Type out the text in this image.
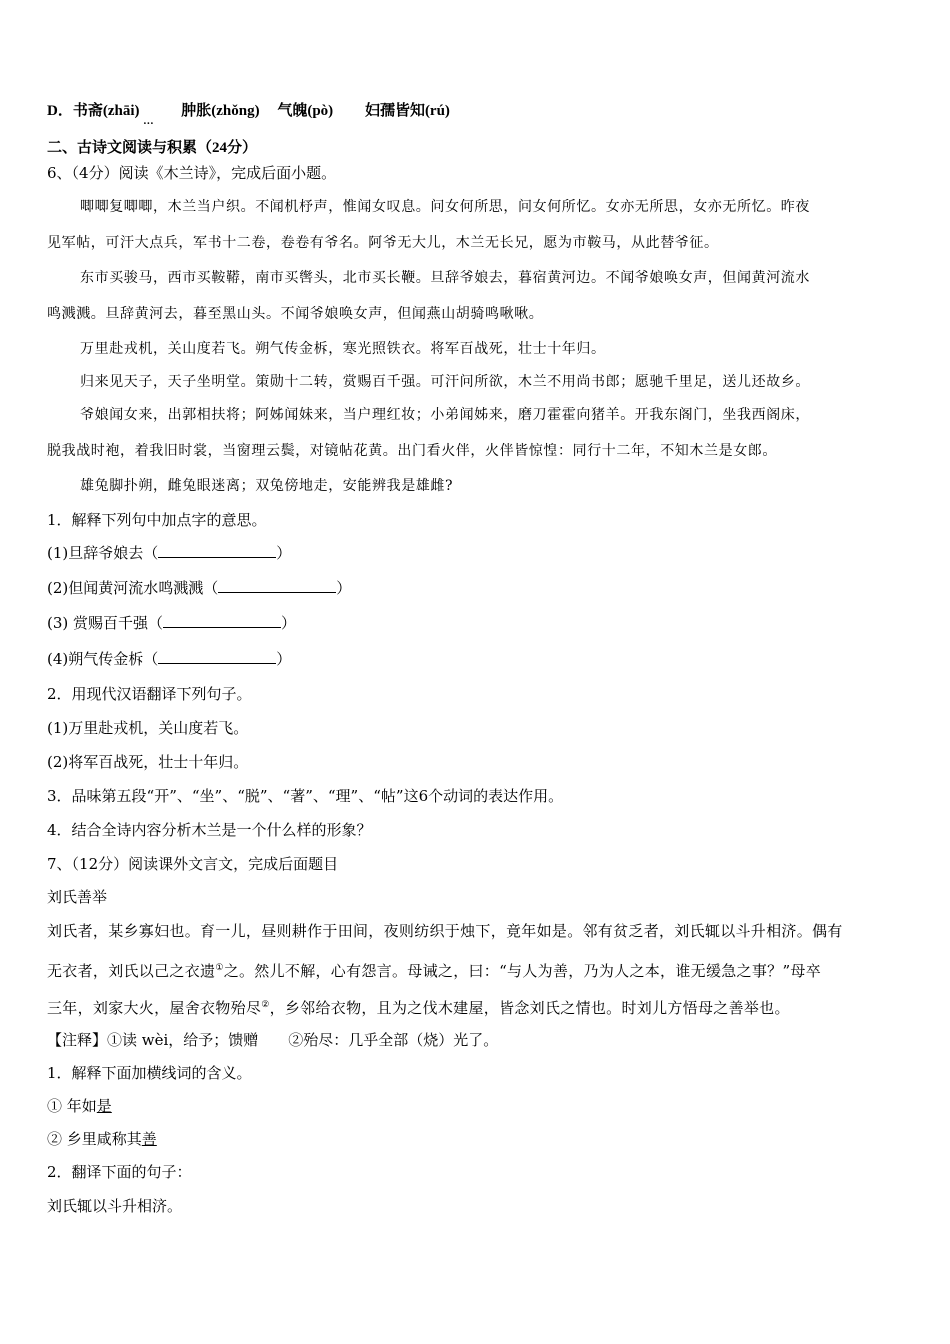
D．书斋(zhāi)
. . .
肿胀(zhǒng) 气魄(pò) 妇孺皆知(rú)
二、古诗文阅读与积累（24分）
6、（4分）阅读《木兰诗》，完成后面小题。
唧唧复唧唧，木兰当户织。不闻机杼声，惟闻女叹息。问女何所思，问女何所忆。女亦无所思，女亦无所忆。昨夜
见军帖，可汗大点兵，军书十二卷，卷卷有爷名。阿爷无大儿，木兰无长兄，愿为市鞍马，从此替爷征。
东市买骏马，西市买鞍鞯，南市买辔头，北市买长鞭。旦辞爷娘去，暮宿黄河边。不闻爷娘唤女声，但闻黄河流水
鸣溅溅。旦辞黄河去，暮至黑山头。不闻爷娘唤女声，但闻燕山胡骑鸣啾啾。
万里赴戎机，关山度若飞。朔气传金柝，寒光照铁衣。将军百战死，壮士十年归。
归来见天子，天子坐明堂。策勋十二转，赏赐百千强。可汗问所欲，木兰不用尚书郎；愿驰千里足，送儿还故乡。
爷娘闻女来，出郭相扶将；阿姊闻妹来，当户理红妆；小弟闻姊来，磨刀霍霍向猪羊。开我东阁门，坐我西阁床，
脱我战时袍，着我旧时裳，当窗理云鬓，对镜帖花黄。出门看火伴，火伴皆惊惶：同行十二年，不知木兰是女郎。
雄兔脚扑朔，雌兔眼迷离；双兔傍地走，安能辨我是雄雌?
1．解释下列句中加点字的意思。
(1)旦辞爷娘去（	）
(2)但闻黄河流水鸣溅溅（	）
(3) 赏赐百千强（	）
(4)朔气传金柝（	）
2．用现代汉语翻译下列句子。
(1)万里赴戎机，关山度若飞。
(2)将军百战死，壮士十年归。
3．品味第五段“开”、“坐”、“脱”、“著”、“理”、“帖”这6个动词的表达作用。
4．结合全诗内容分析木兰是一个什么样的形象？
7、（12分）阅读课外文言文，完成后面题目
刘氏善举
刘氏者，某乡寡妇也。育一儿，昼则耕作于田间，夜则纺织于烛下，竟年如是。邻有贫乏者，刘氏辄以斗升相济。偶有
无衣者，刘氏以己之衣遗①之。然儿不解，心有怨言。母诫之，曰：“与人为善，乃为人之本，谁无缓急之事？”母卒
三年，刘家大火，屋舍衣物殆尽②，乡邻给衣物，且为之伐木建屋，皆念刘氏之情也。时刘儿方悟母之善举也。
【注释】①读 wèi，给予；馈赠　　②殆尽：几乎全部（烧）光了。
1．解释下面加横线词的含义。
① 年如是
② 乡里咸称其善
2．翻译下面的句子：
刘氏辄以斗升相济。
